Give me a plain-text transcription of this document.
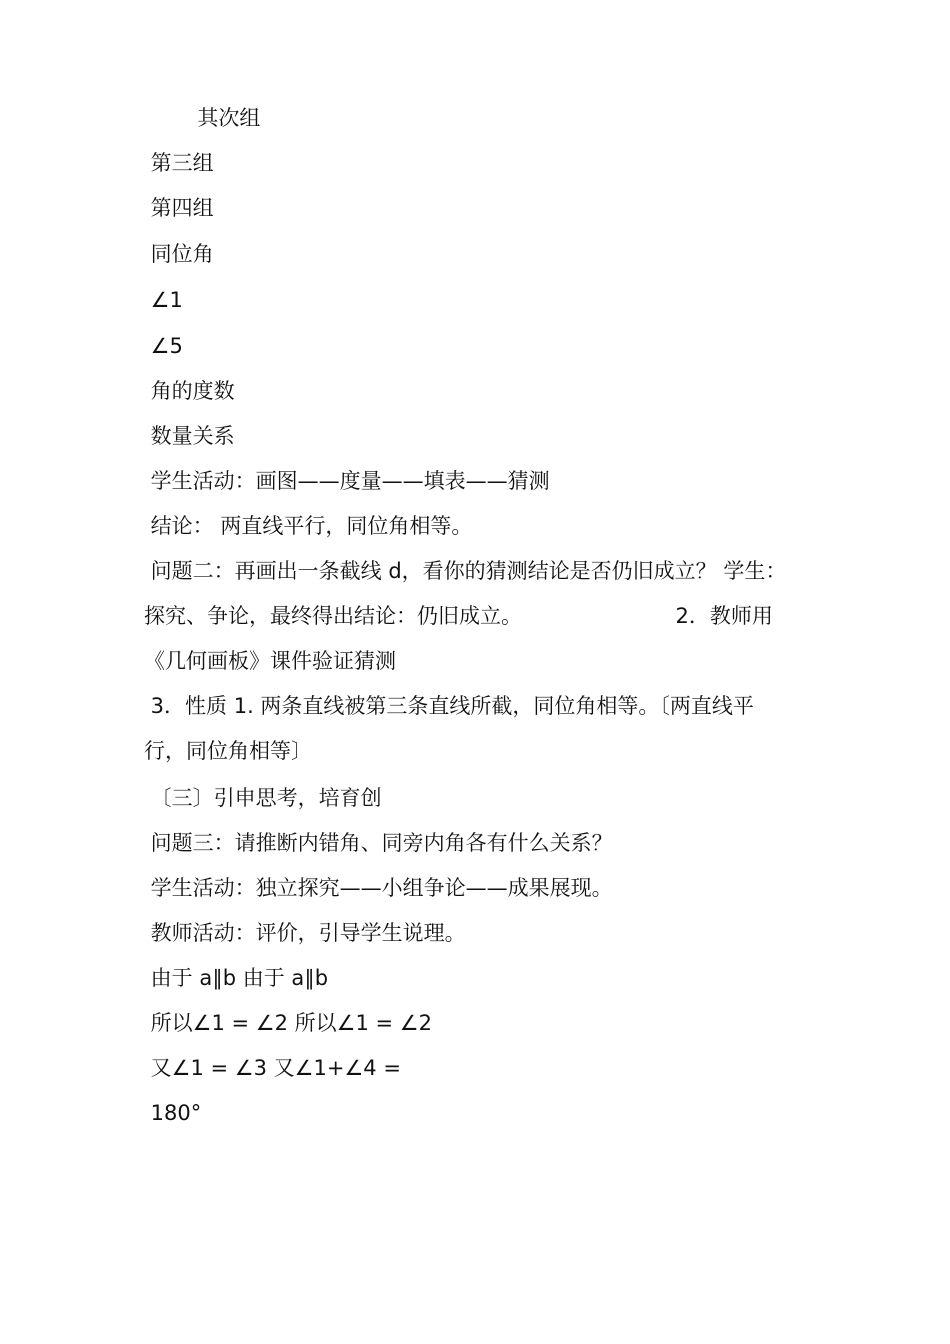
其次组
第三组
第四组
同位角
∠1
∠5
角的度数
数量关系
学生活动：画图——度量——填表——猜测
结论： 两直线平行，同位角相等。
问题二：再画出一条截线 d，看你的猜测结论是否仍旧成立？ 学生：
探究、争论，最终得出结论：仍旧成立。                       2．教师用
《几何画板》课件验证猜测
3．性质 1. 两条直线被第三条直线所截，同位角相等。〔两直线平
行，同位角相等〕
〔三〕引申思考，培育创
问题三：请推断内错角、同旁内角各有什么关系？
学生活动：独立探究——小组争论——成果展现。
教师活动：评价，引导学生说理。
由于 a∥b 由于 a∥b
所以∠1 = ∠2 所以∠1 = ∠2
又∠1 = ∠3 又∠1+∠4 =
180°
